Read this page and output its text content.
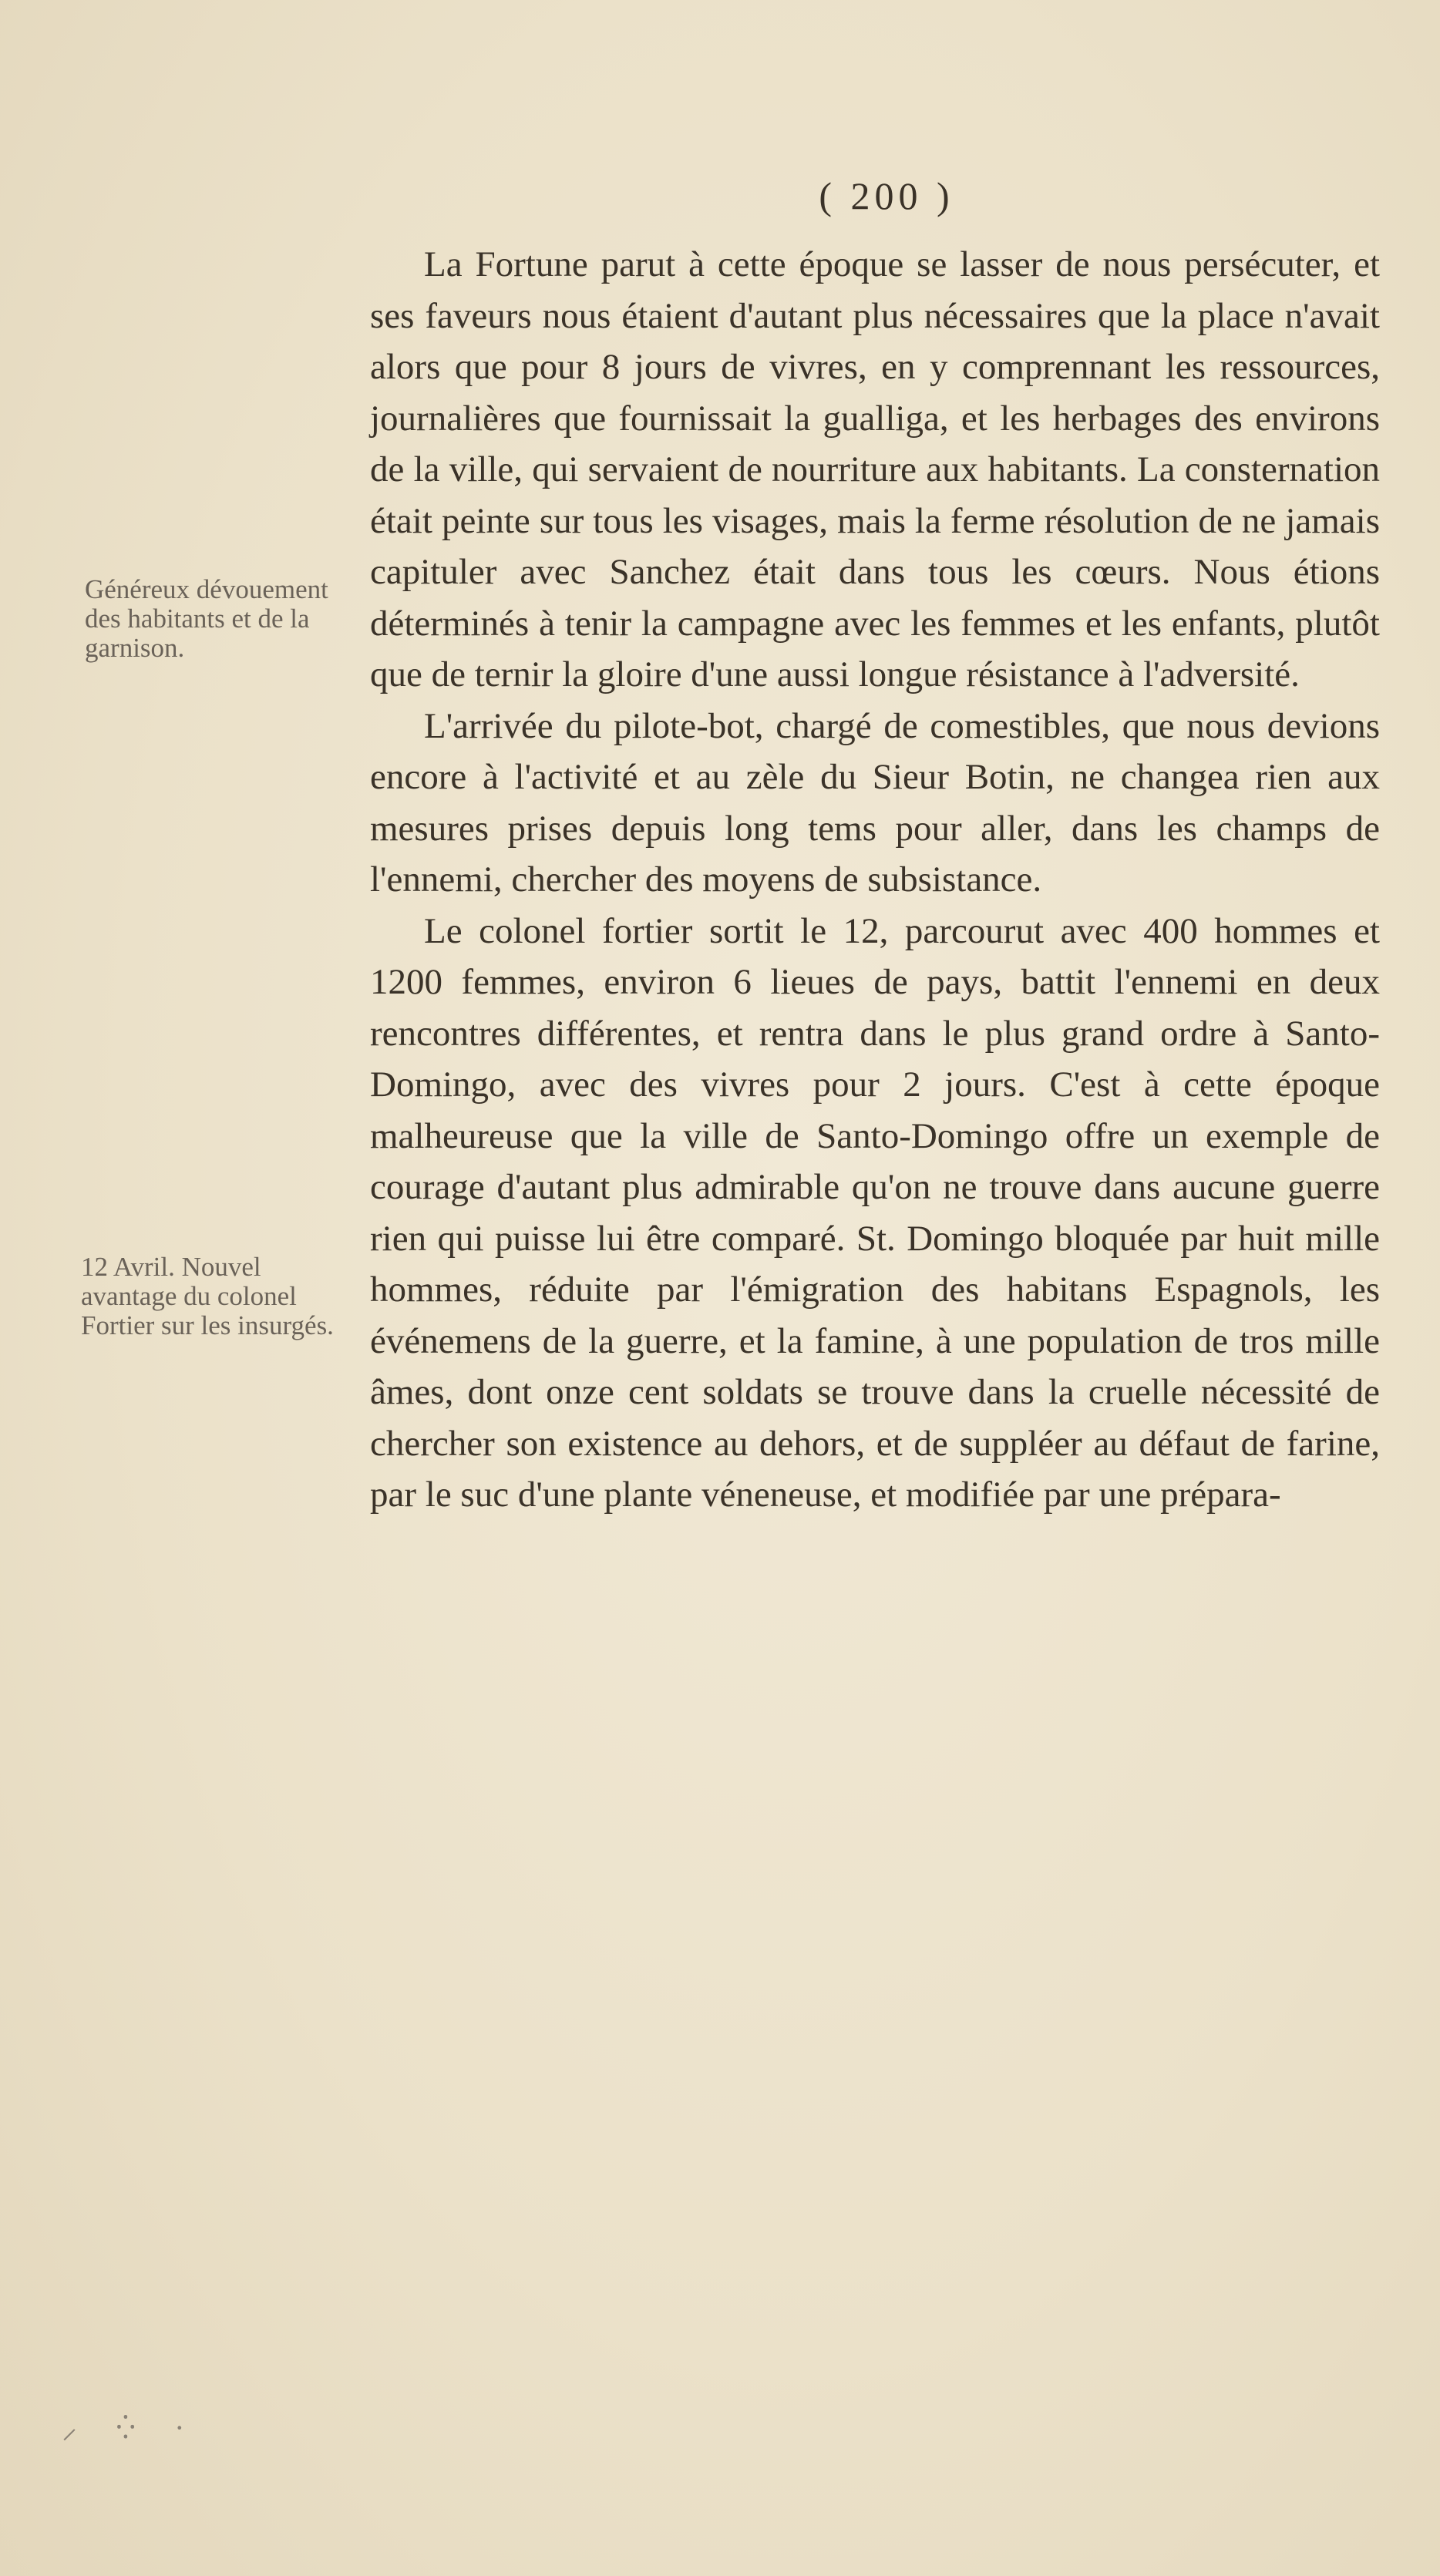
( 200 )
Généreux dévouement des habitants et de la garnison.
12 Avril. Nouvel avantage du colonel Fortier sur les insurgés.

La Fortune parut à cette époque se lasser de nous persécuter, et ses faveurs nous étaient d'autant plus nécessaires que la place n'avait alors que pour 8 jours de vivres, en y comprennant les ressources, journalières que fournissait la gualliga, et les herbages des environs de la ville, qui servaient de nourriture aux habitants. La consternation était peinte sur tous les visages, mais la ferme résolution de ne jamais capituler avec Sanchez était dans tous les cœurs. Nous étions déterminés à tenir la campagne avec les femmes et les enfants, plutôt que de ternir la gloire d'une aussi longue résistance à l'adversité.

L'arrivée du pilote-bot, chargé de comestibles, que nous devions encore à l'activité et au zèle du Sieur Botin, ne changea rien aux mesures prises depuis long tems pour aller, dans les champs de l'ennemi, chercher des moyens de subsistance.

Le colonel fortier sortit le 12, parcourut avec 400 hommes et 1200 femmes, environ 6 lieues de pays, battit l'ennemi en deux rencontres différentes, et rentra dans le plus grand ordre à Santo-Domingo, avec des vivres pour 2 jours. C'est à cette époque malheureuse que la ville de Santo-Domingo offre un exemple de courage d'autant plus admirable qu'on ne trouve dans aucune guerre rien qui puisse lui être comparé. St. Domingo bloquée par huit mille hommes, réduite par l'émigration des habitans Espagnols, les événemens de la guerre, et la famine, à une population de tros mille âmes, dont onze cent soldats se trouve dans la cruelle nécessité de chercher son existence au dehors, et de suppléer au défaut de farine, par le suc d'une plante véneneuse, et modifiée par une prépara-

⸝ ⁛ ·
